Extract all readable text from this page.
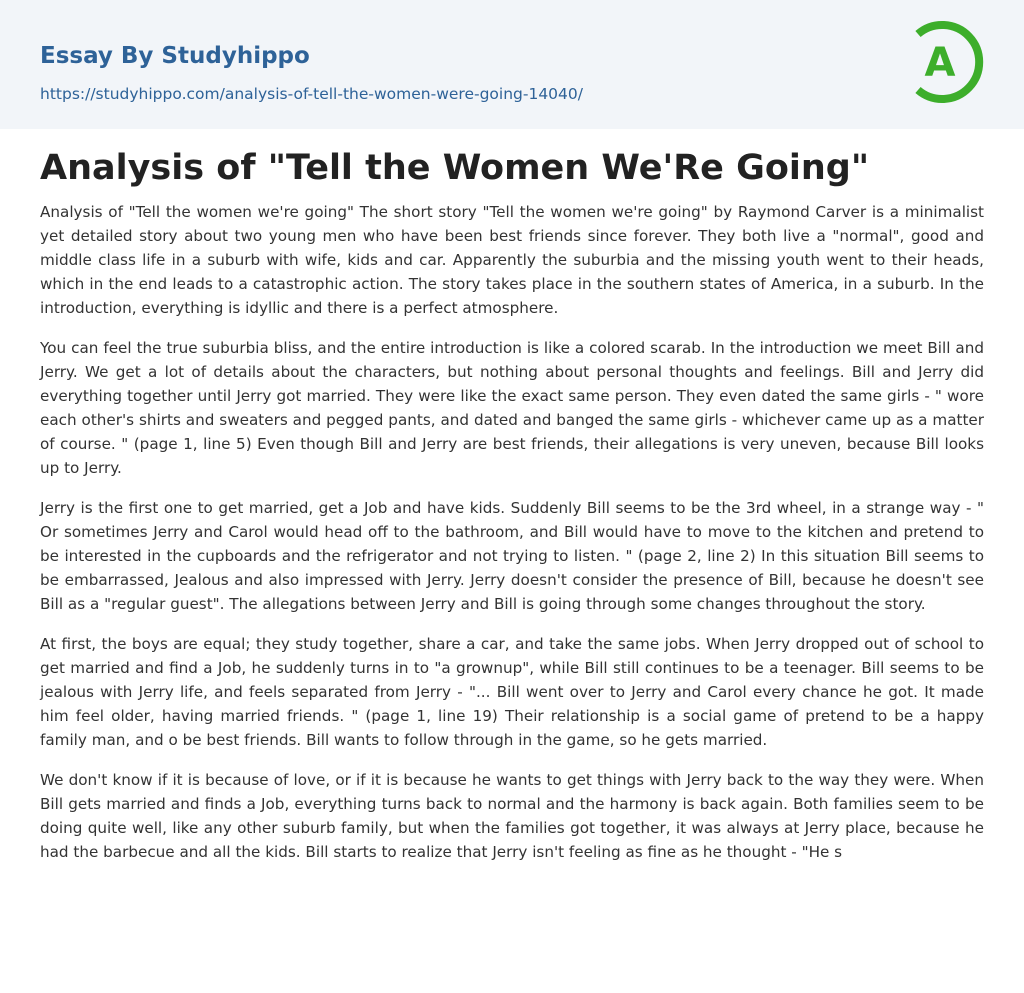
Essay By Studyhippo
https://studyhippo.com/analysis-of-tell-the-women-were-going-14040/
A
Analysis of "Tell the Women We'Re Going"

Analysis of "Tell the women we're going" The short story "Tell the women we're going" by Raymond Carver is a minimalist yet detailed story about two young men who have been best friends since forever. They both live a "normal", good and middle class life in a suburb with wife, kids and car. Apparently the suburbia and the missing youth went to their heads, which in the end leads to a catastrophic action. The story takes place in the southern states of America, in a suburb. In the introduction, everything is idyllic and there is a perfect atmosphere.

You can feel the true suburbia bliss, and the entire introduction is like a colored scarab. In the introduction we meet Bill and Jerry. We get a lot of details about the characters, but nothing about personal thoughts and feelings. Bill and Jerry did everything together until Jerry got married. They were like the exact same person. They even dated the same girls - " wore each other's shirts and sweaters and pegged pants, and dated and banged the same girls - whichever came up as a matter of course. " (page 1, line 5) Even though Bill and Jerry are best friends, their allegations is very uneven, because Bill looks up to Jerry.

Jerry is the first one to get married, get a Job and have kids. Suddenly Bill seems to be the 3rd wheel, in a strange way - " Or sometimes Jerry and Carol would head off to the bathroom, and Bill would have to move to the kitchen and pretend to be interested in the cupboards and the refrigerator and not trying to listen. " (page 2, line 2) In this situation Bill seems to be embarrassed, Jealous and also impressed with Jerry. Jerry doesn't consider the presence of Bill, because he doesn't see Bill as a "regular guest". The allegations between Jerry and Bill is going through some changes throughout the story.

At first, the boys are equal; they study together, share a car, and take the same jobs. When Jerry dropped out of school to get married and find a Job, he suddenly turns in to "a grownup", while Bill still continues to be a teenager. Bill seems to be jealous with Jerry life, and feels separated from Jerry - "... Bill went over to Jerry and Carol every chance he got. It made him feel older, having married friends. " (page 1, line 19) Their relationship is a social game of pretend to be a happy family man, and o be best friends. Bill wants to follow through in the game, so he gets married.

We don't know if it is because of love, or if it is because he wants to get things with Jerry back to the way they were. When Bill gets married and finds a Job, everything turns back to normal and the harmony is back again. Both families seem to be doing quite well, like any other suburb family, but when the families got together, it was always at Jerry place, because he had the barbecue and all the kids. Bill starts to realize that Jerry isn't feeling as fine as he thought - "He s
